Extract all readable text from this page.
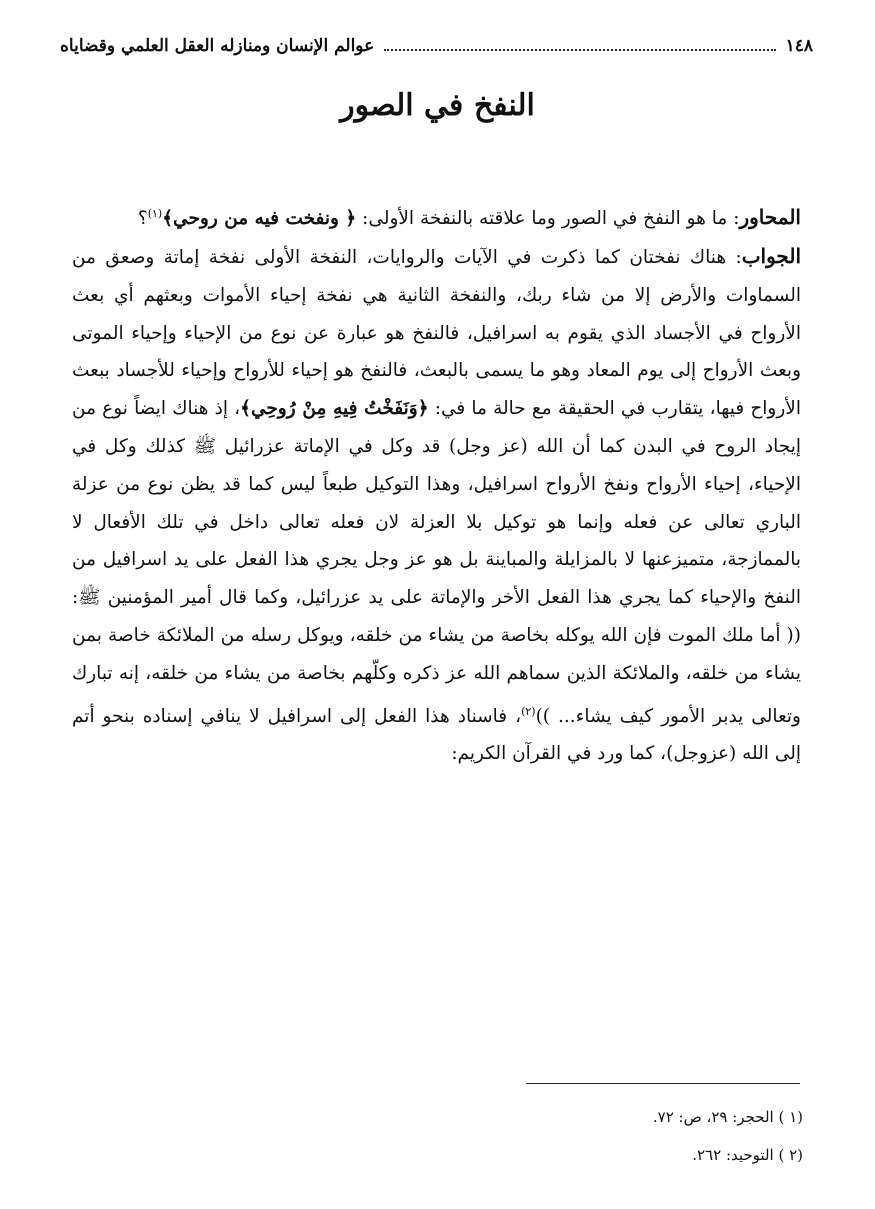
١٤٨
عوالم الإنسان ومنازله العقل العلمي وقضاياه
النفخ في الصور

المحاور: ما هو النفخ في الصور وما علاقته بالنفخة الأولى: ﴿ ونفخت فيه من روحي﴾$^{(١)}$؟

الجواب: هناك نفختان كما ذكرت في الآيات والروايات، النفخة الأولى نفخة إماتة وصعق من السماوات والأرض إلا من شاء ربك، والنفخة الثانية هي نفخة إحياء الأموات وبعثهم أي بعث الأرواح في الأجساد الذي يقوم به اسرافيل، فالنفخ هو عبارة عن نوع من الإحياء وإحياء الموتى وبعث الأرواح إلى يوم المعاد وهو ما يسمى بالبعث، فالنفخ هو إحياء للأرواح وإحياء للأجساد ببعث الأرواح فيها، يتقارب في الحقيقة مع حالة ما في: ﴿وَنَفَخْتُ فِيهِ مِنْ رُوحِي﴾، إذ هناك ايضاً نوع من إيجاد الروح في البدن كما أن الله (عز وجل) قد وكل في الإماتة عزرائيل ﷺ كذلك وكل في الإحياء، إحياء الأرواح ونفخ الأرواح اسرافيل، وهذا التوكيل طبعاً ليس كما قد يظن نوع من عزلة الباري تعالى عن فعله وإنما هو توكيل بلا العزلة لان فعله تعالى داخل في تلك الأفعال لا بالممازجة، متميزعنها لا بالمزايلة والمباينة بل هو عز وجل يجري هذا الفعل على يد اسرافيل من النفخ والإحياء كما يجري هذا الفعل الأخر والإماتة على يد عزرائيل، وكما قال أمير المؤمنين ﷺ: (( أما ملك الموت فإن الله يوكله بخاصة من يشاء من خلقه، ويوكل رسله من الملائكة خاصة بمن يشاء من خلقه، والملائكة الذين سماهم الله عز ذكره وكلّهم بخاصة من يشاء من خلقه، إنه تبارك وتعالى يدبر الأمور كيف يشاء... ))$^{(٢)}$، فاسناد هذا الفعل إلى اسرافيل لا ينافي إسناده بنحو أتم إلى الله (عزوجل)، كما ورد في القرآن الكريم:

(١ ) الحجر: ٢٩، ص: ٧٢.
(٢ ) التوحيد: ٢٦٢.
